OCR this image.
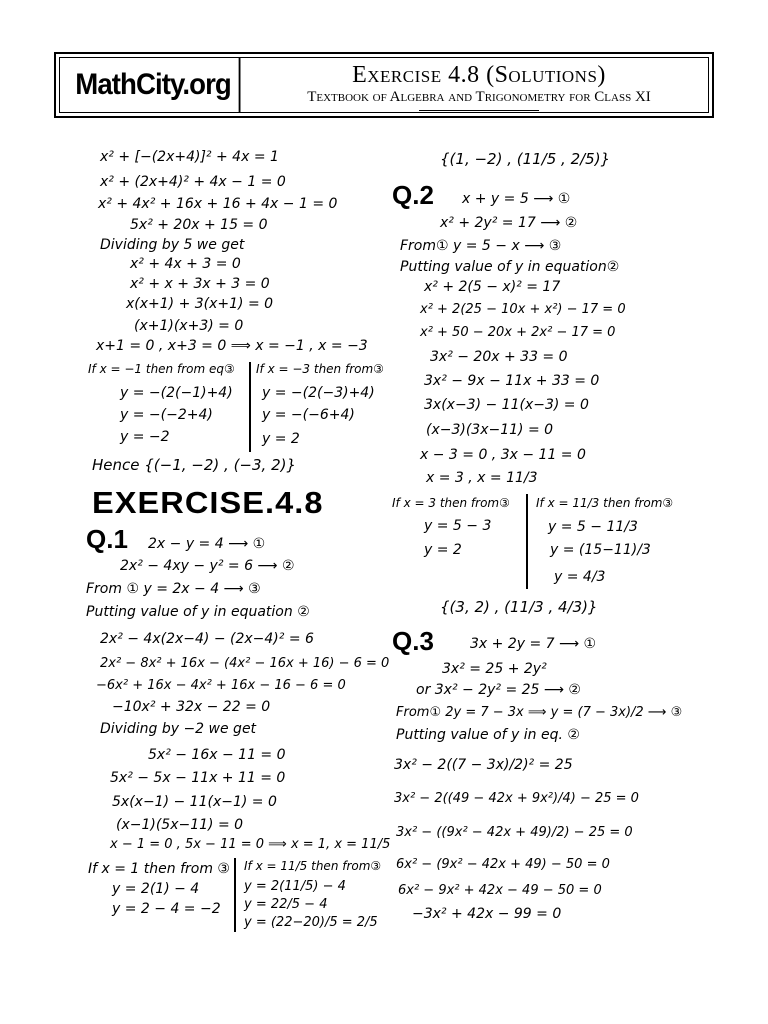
MathCity.org	Exercise 4.8 (Solutions)
Textbook of Algebra and Trigonometry for Class XI
x² + [−(2x+4)]² + 4x = 1
x² + (2x+4)² + 4x − 1 = 0
x² + 4x² + 16x + 16 + 4x − 1 = 0
5x² + 20x + 15 = 0
Dividing by 5 we get
x² + 4x + 3 = 0
x² + x + 3x + 3 = 0
x(x+1) + 3(x+1) = 0
(x+1)(x+3) = 0
x+1 = 0 , x+3 = 0 ⟹ x = −1 , x = −3
If x = −1 then from eq③
y = −(2(−1)+4)
y = −(−2+4)
y = −2
If x = −3 then from③
y = −(2(−3)+4)
y = −(−6+4)
y = 2
Hence {(−1, −2) , (−3, 2)}
EXERCISE.4.8
Q.1 2x − y = 4 ⟶ ①
2x² − 4xy − y² = 6 ⟶ ②
From ① y = 2x − 4 ⟶ ③
Putting value of y in equation ②
2x² − 4x(2x−4) − (2x−4)² = 6
2x² − 8x² + 16x − (4x² − 16x + 16) − 6 = 0
−6x² + 16x − 4x² + 16x − 16 − 6 = 0
−10x² + 32x − 22 = 0
Dividing by −2 we get
5x² − 16x − 11 = 0
5x² − 5x − 11x + 11 = 0
5x(x−1) − 11(x−1) = 0
(x−1)(5x−11) = 0
x − 1 = 0 , 5x − 11 = 0 ⟹ x = 1, x = 11/5
If x = 1 then from ③
y = 2(1) − 4
y = 2 − 4 = −2
If x = 11/5 then from③
y = 2(11/5) − 4
y = 22/5 − 4
y = (22−20)/5 = 2/5
{(1, −2) , (11/5 , 2/5)}
Q.2 x + y = 5 ⟶ ①
x² + 2y² = 17 ⟶ ②
From① y = 5 − x ⟶ ③
Putting value of y in equation②
x² + 2(5 − x)² = 17
x² + 2(25 − 10x + x²) − 17 = 0
x² + 50 − 20x + 2x² − 17 = 0
3x² − 20x + 33 = 0
3x² − 9x − 11x + 33 = 0
3x(x−3) − 11(x−3) = 0
(x−3)(3x−11) = 0
x − 3 = 0 , 3x − 11 = 0
x = 3 , x = 11/3
If x = 3 then from③
y = 5 − 3
y = 2
If x = 11/3 then from③
y = 5 − 11/3
y = (15−11)/3
y = 4/3
{(3, 2) , (11/3 , 4/3)}
Q.3	3x + 2y = 7 ⟶ ①
3x² = 25 + 2y²
or 3x² − 2y² = 25 ⟶ ②
From① 2y = 7 − 3x ⟹ y = (7 − 3x)/2 ⟶ ③
Putting value of y in eq. ②
3x² − 2((7 − 3x)/2)² = 25
3x² − 2((49 − 42x + 9x²)/4) − 25 = 0
3x² − ((9x² − 42x + 49)/2) − 25 = 0
6x² − (9x² − 42x + 49) − 50 = 0
6x² − 9x² + 42x − 49 − 50 = 0
−3x² + 42x − 99 = 0
